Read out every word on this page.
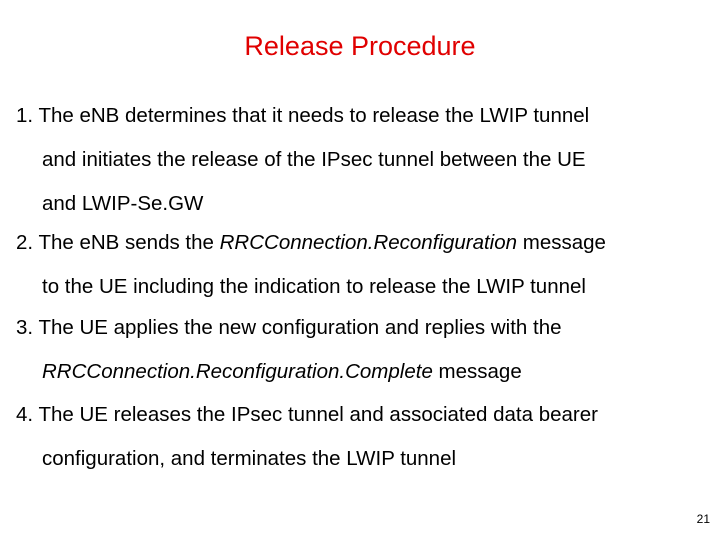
Release Procedure
1. The eNB determines that it needs to release the LWIP tunnel
and initiates the release of the IPsec tunnel between the UE
and LWIP-Se.GW
2. The eNB sends the RRCConnection.Reconfiguration message
to the UE including the indication to release the LWIP tunnel
3. The UE applies the new configuration and replies with the
RRCConnection.Reconfiguration.Complete message
4. The UE releases the IPsec tunnel and associated data bearer
configuration, and terminates the LWIP tunnel
21
